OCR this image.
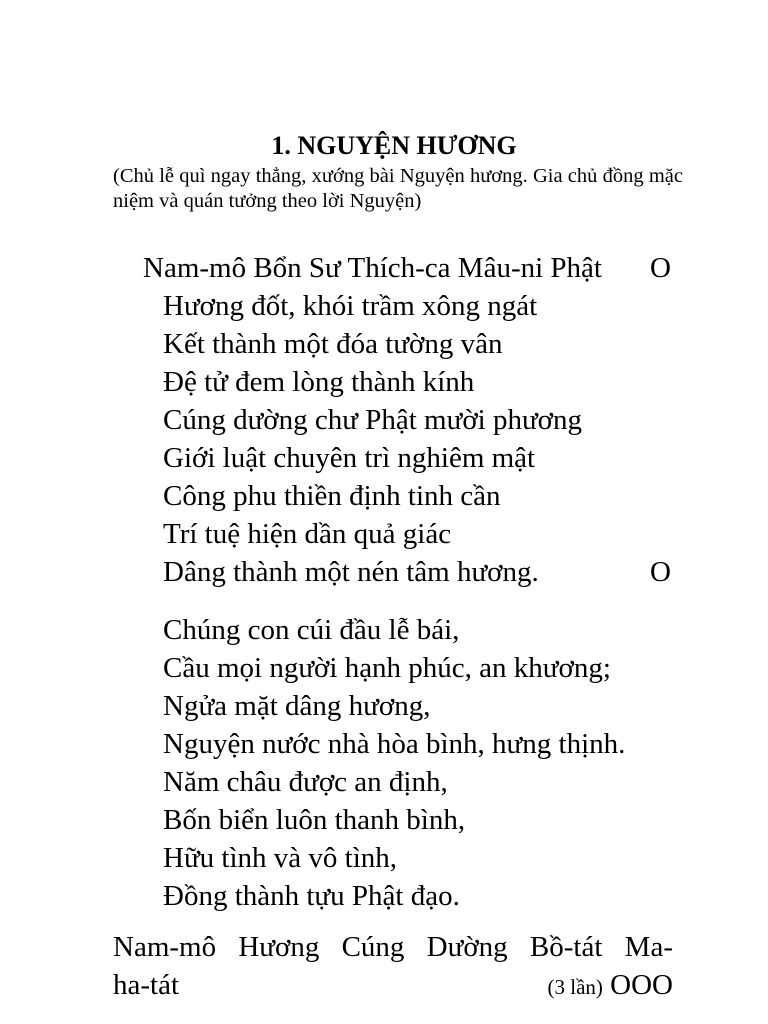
1. NGUYỆN HƯƠNG
(Chủ lễ quì ngay thẳng, xướng bài Nguyện hương. Gia chủ đồng mặc niệm và quán tưởng theo lời Nguyện)
Nam-mô Bổn Sư Thích-ca Mâu-ni Phật O
Hương đốt, khói trầm xông ngát
Kết thành một đóa tường vân
Đệ tử đem lòng thành kính
Cúng dường chư Phật mười phương
Giới luật chuyên trì nghiêm mật
Công phu thiền định tinh cần
Trí tuệ hiện dần quả giác
Dâng thành một nén tâm hương.	O
Chúng con cúi đầu lễ bái,
Cầu mọi người hạnh phúc, an khương;
Ngửa mặt dâng hương,
Nguyện nước nhà hòa bình, hưng thịnh.
Năm châu được an định,
Bốn biển luôn thanh bình,
Hữu tình và vô tình,
Đồng thành tựu Phật đạo.
Nam-mô Hương Cúng Dường Bồ-tát Ma-
ha-tát	(3 lần) OOO
